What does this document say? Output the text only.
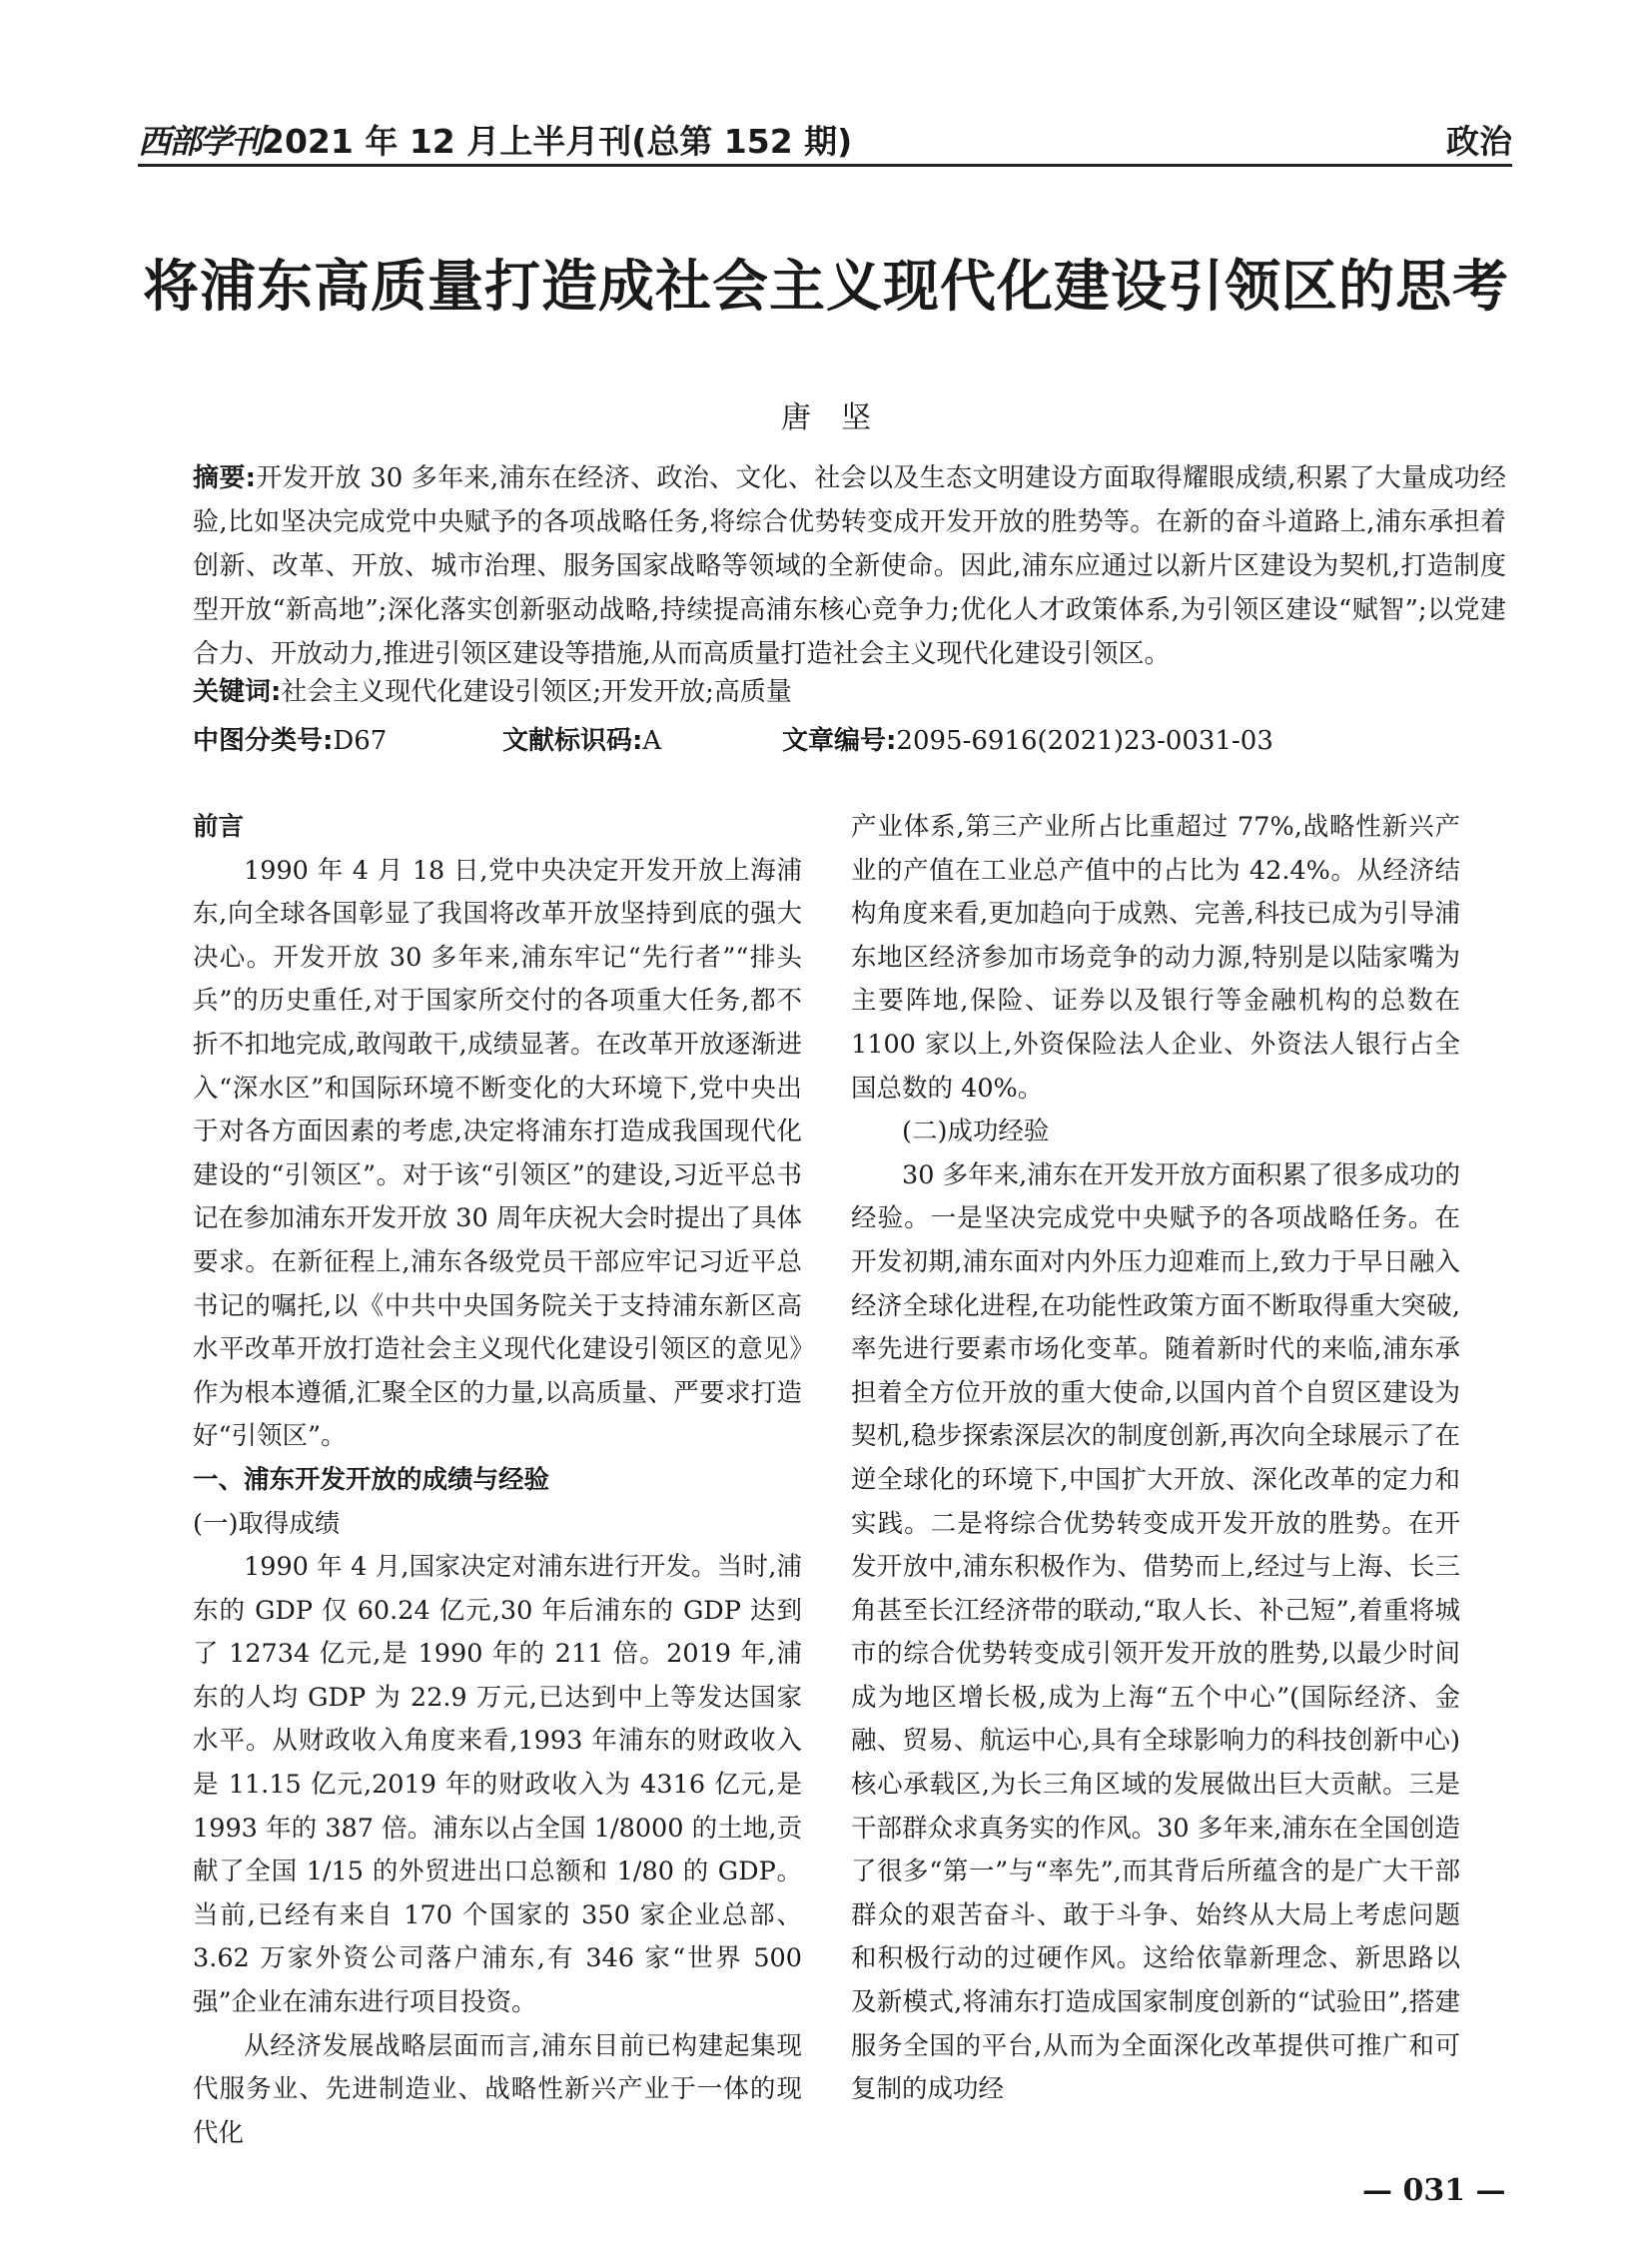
西部学刊2021 年 12 月上半月刊(总第 152 期)	政治
将浦东高质量打造成社会主义现代化建设引领区的思考
唐坚
摘要:开发开放 30 多年来,浦东在经济、政治、文化、社会以及生态文明建设方面取得耀眼成绩,积累了大量成功经验,比如坚决完成党中央赋予的各项战略任务,将综合优势转变成开发开放的胜势等。在新的奋斗道路上,浦东承担着创新、改革、开放、城市治理、服务国家战略等领域的全新使命。因此,浦东应通过以新片区建设为契机,打造制度型开放“新高地”;深化落实创新驱动战略,持续提高浦东核心竞争力;优化人才政策体系,为引领区建设“赋智”;以党建合力、开放动力,推进引领区建设等措施,从而高质量打造社会主义现代化建设引领区。
关键词:社会主义现代化建设引领区;开发开放;高质量
中图分类号:D67	文献标识码:A	文章编号:2095-6916(2021)23-0031-03

前言

1990 年 4 月 18 日,党中央决定开发开放上海浦东,向全球各国彰显了我国将改革开放坚持到底的强大决心。开发开放 30 多年来,浦东牢记“先行者”“排头兵”的历史重任,对于国家所交付的各项重大任务,都不折不扣地完成,敢闯敢干,成绩显著。在改革开放逐渐进入“深水区”和国际环境不断变化的大环境下,党中央出于对各方面因素的考虑,决定将浦东打造成我国现代化建设的“引领区”。对于该“引领区”的建设,习近平总书记在参加浦东开发开放 30 周年庆祝大会时提出了具体要求。在新征程上,浦东各级党员干部应牢记习近平总书记的嘱托,以《中共中央国务院关于支持浦东新区高水平改革开放打造社会主义现代化建设引领区的意见》作为根本遵循,汇聚全区的力量,以高质量、严要求打造好“引领区”。

一、浦东开发开放的成绩与经验

(一)取得成绩

1990 年 4 月,国家决定对浦东进行开发。当时,浦东的 GDP 仅 60.24 亿元,30 年后浦东的 GDP 达到了 12734 亿元,是 1990 年的 211 倍。2019 年,浦东的人均 GDP 为 22.9 万元,已达到中上等发达国家水平。从财政收入角度来看,1993 年浦东的财政收入是 11.15 亿元,2019 年的财政收入为 4316 亿元,是 1993 年的 387 倍。浦东以占全国 1/8000 的土地,贡献了全国 1/15 的外贸进出口总额和 1/80 的 GDP。当前,已经有来自 170 个国家的 350 家企业总部、3.62 万家外资公司落户浦东,有 346 家“世界 500 强”企业在浦东进行项目投资。

从经济发展战略层面而言,浦东目前已构建起集现代服务业、先进制造业、战略性新兴产业于一体的现代化

产业体系,第三产业所占比重超过 77%,战略性新兴产业的产值在工业总产值中的占比为 42.4%。从经济结构角度来看,更加趋向于成熟、完善,科技已成为引导浦东地区经济参加市场竞争的动力源,特别是以陆家嘴为主要阵地,保险、证券以及银行等金融机构的总数在 1100 家以上,外资保险法人企业、外资法人银行占全国总数的 40%。

(二)成功经验

30 多年来,浦东在开发开放方面积累了很多成功的经验。一是坚决完成党中央赋予的各项战略任务。在开发初期,浦东面对内外压力迎难而上,致力于早日融入经济全球化进程,在功能性政策方面不断取得重大突破,率先进行要素市场化变革。随着新时代的来临,浦东承担着全方位开放的重大使命,以国内首个自贸区建设为契机,稳步探索深层次的制度创新,再次向全球展示了在逆全球化的环境下,中国扩大开放、深化改革的定力和实践。二是将综合优势转变成开发开放的胜势。在开发开放中,浦东积极作为、借势而上,经过与上海、长三角甚至长江经济带的联动,“取人长、补己短”,着重将城市的综合优势转变成引领开发开放的胜势,以最少时间成为地区增长极,成为上海“五个中心”(国际经济、金融、贸易、航运中心,具有全球影响力的科技创新中心)核心承载区,为长三角区域的发展做出巨大贡献。三是干部群众求真务实的作风。30 多年来,浦东在全国创造了很多“第一”与“率先”,而其背后所蕴含的是广大干部群众的艰苦奋斗、敢于斗争、始终从大局上考虑问题和积极行动的过硬作风。这给依靠新理念、新思路以及新模式,将浦东打造成国家制度创新的“试验田”,搭建服务全国的平台,从而为全面深化改革提供可推广和可复制的成功经

— 031 —
